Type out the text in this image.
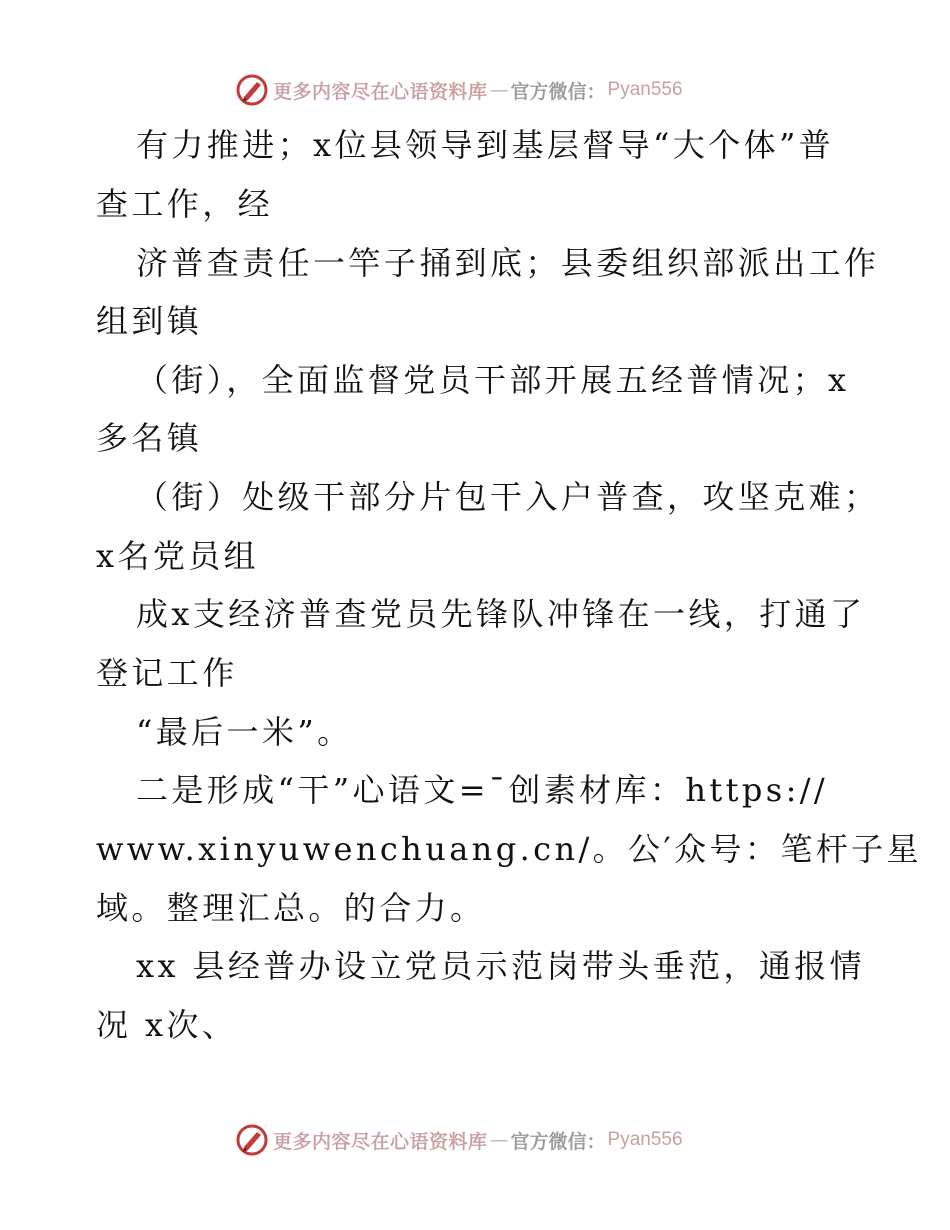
更多内容尽在心语资料库 — 官方微信： Pyan556
有力推进；x位县领导到基层督导“大个体”普
查工作，经
济普查责任一竿子捅到底；县委组织部派出工作
组到镇
（街），全面监督党员干部开展五经普情况；x
多名镇
（街）处级干部分片包干入户普查，攻坚克难；
x名党员组
成x支经济普查党员先锋队冲锋在一线，打通了
登记工作
“最后一米”。
二是形成“干”心语文=¯创素材库：https://
www.xinyuwenchuang.cn/。公′众号：笔杆子星
域。整理汇总。的合力。
xx 县经普办设立党员示范岗带头垂范，通报情
况 x次、
更多内容尽在心语资料库 — 官方微信： Pyan556
